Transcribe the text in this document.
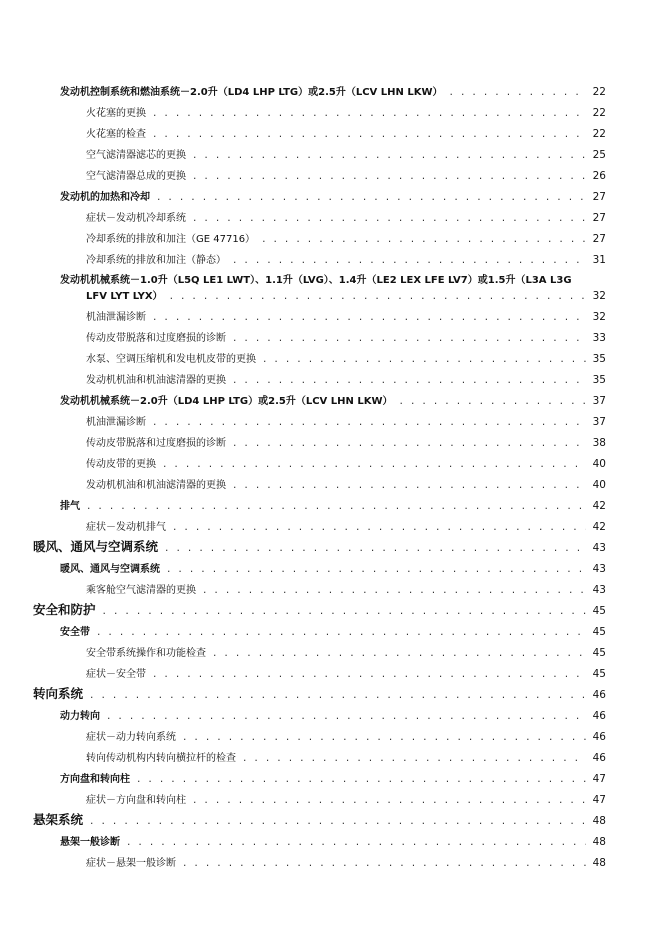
发动机控制系统和燃油系统－2.0升（LD4 LHP LTG）或2.5升（LCV LHN LKW） . . .	22
火花塞的更换 . . .	22
火花塞的检查 . . .	22
空气滤清器滤芯的更换 . . .	25
空气滤清器总成的更换 . . .	26
发动机的加热和冷却 . . .	27
症状－发动机冷却系统 . . .	27
冷却系统的排放和加注（GE 47716） . . .	27
冷却系统的排放和加注（静态） . . .	31
发动机机械系统－1.0升（L5Q LE1 LWT）、1.1升（LVG）、1.4升（LE2 LEX LFE LV7）或1.5升（L3A L3G
LFV LYT LYX） . . .	32
机油泄漏诊断 . . .	32
传动皮带脱落和过度磨损的诊断 . . .	33
水泵、空调压缩机和发电机皮带的更换 . . .	35
发动机机油和机油滤清器的更换 . . .	35
发动机机械系统－2.0升（LD4 LHP LTG）或2.5升（LCV LHN LKW） . . .	37
机油泄漏诊断 . . .	37
传动皮带脱落和过度磨损的诊断 . . .	38
传动皮带的更换 . . .	40
发动机机油和机油滤清器的更换 . . .	40
排气 . . .	42
症状－发动机排气 . . .	42
暖风、通风与空调系统 . . .	43
暖风、通风与空调系统 . . .	43
乘客舱空气滤清器的更换 . . .	43
安全和防护 . . .	45
安全带 . . .	45
安全带系统操作和功能检查 . . .	45
症状－安全带 . . .	45
转向系统 . . .	46
动力转向 . . .	46
症状－动力转向系统 . . .	46
转向传动机构内转向横拉杆的检查 . . .	46
方向盘和转向柱 . . .	47
症状－方向盘和转向柱 . . .	47
悬架系统 . . .	48
悬架一般诊断 . . .	48
症状－悬架一般诊断 . . .	48
